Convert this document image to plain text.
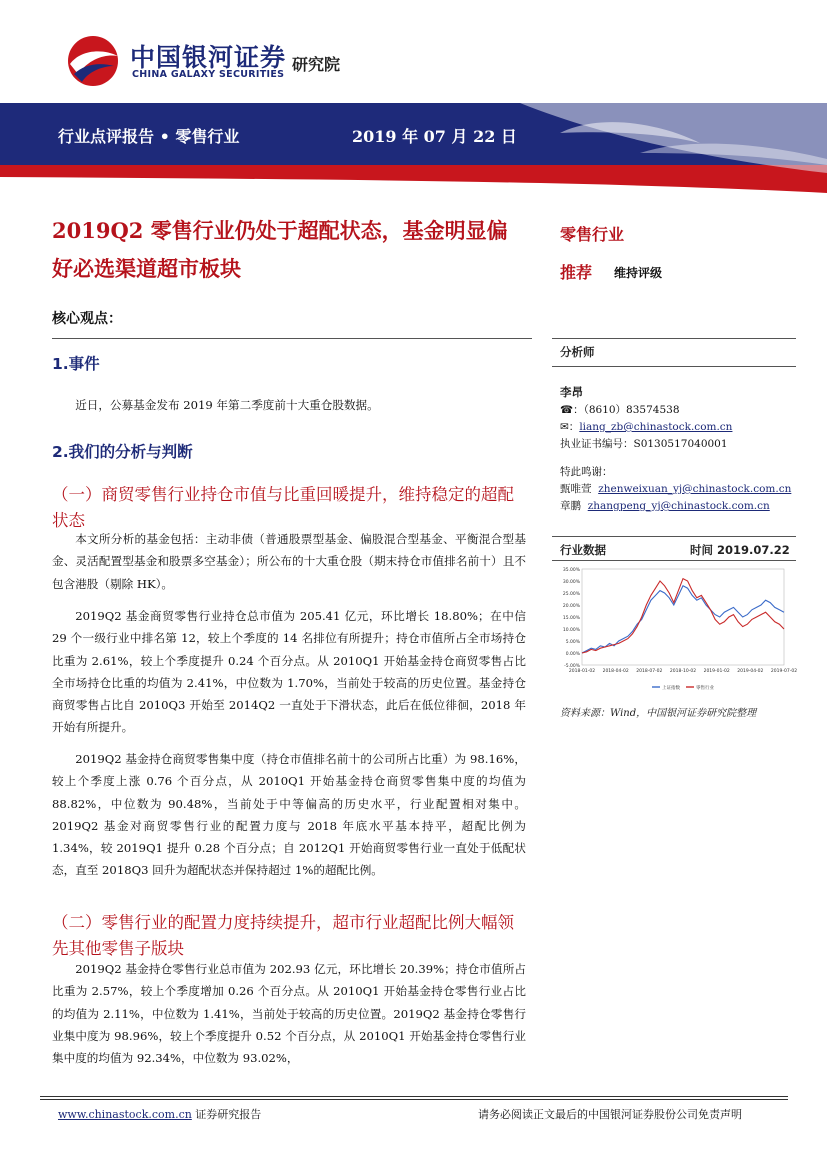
中国银河证券
CHINA GALAXY SECURITIES
研究院
行业点评报告 • 零售行业	2019 年 07 月 22 日
2019Q2 零售行业仍处于超配状态，基金明显偏好必选渠道超市板块
核心观点：
1.事件
近日，公募基金发布 2019 年第二季度前十大重仓股数据。
2.我们的分析与判断
（一）商贸零售行业持仓市值与比重回暖提升，维持稳定的超配状态
本文所分析的基金包括：主动非债（普通股票型基金、偏股混合型基金、平衡混合型基金、灵活配置型基金和股票多空基金）；所公布的十大重仓股（期末持仓市值排名前十）且不包含港股（剔除 HK）。
2019Q2 基金商贸零售行业持仓总市值为 205.41 亿元，环比增长 18.80%；在中信 29 个一级行业中排名第 12，较上个季度的 14 名排位有所提升；持仓市值所占全市场持仓比重为 2.61%，较上个季度提升 0.24 个百分点。从 2010Q1 开始基金持仓商贸零售占比全市场持仓比重的均值为 2.41%，中位数为 1.70%，当前处于较高的历史位置。基金持仓商贸零售占比自 2010Q3 开始至 2014Q2 一直处于下滑状态，此后在低位徘徊，2018 年开始有所提升。
2019Q2 基金持仓商贸零售集中度（持仓市值排名前十的公司所占比重）为 98.16%，较上个季度上涨 0.76 个百分点，从 2010Q1 开始基金持仓商贸零售集中度的均值为 88.82%，中位数为 90.48%，当前处于中等偏高的历史水平，行业配置相对集中。2019Q2 基金对商贸零售行业的配置力度与 2018 年底水平基本持平，超配比例为 1.34%，较 2019Q1 提升 0.28 个百分点；自 2012Q1 开始商贸零售行业一直处于低配状态，直至 2018Q3 回升为超配状态并保持超过 1%的超配比例。
（二）零售行业的配置力度持续提升，超市行业超配比例大幅领先其他零售子版块
2019Q2 基金持仓零售行业总市值为 202.93 亿元，环比增长 20.39%；持仓市值所占比重为 2.57%，较上个季度增加 0.26 个百分点。从 2010Q1 开始基金持仓零售行业占比的均值为 2.11%，中位数为 1.41%，当前处于较高的历史位置。2019Q2 基金持仓零售行业集中度为 98.96%，较上个季度提升 0.52 个百分点，从 2010Q1 开始基金持仓零售行业集中度的均值为 92.34%，中位数为 93.02%，
零售行业
推荐 维持评级
分析师
李昂
☎：（8610）83574538
✉：liang_zb@chinastock.com.cn
执业证书编号：S0130517040001
特此鸣谢：
甄唯萱 zhenweixuan_yj@chinastock.com.cn
章鹏 zhangpeng_yj@chinastock.com.cn
行业数据	时间 2019.07.22
35.00%
30.00%
25.00%
20.00%
15.00%
10.00%
5.00%
0.00%
-5.00%
2018-01-02 2018-04-02 2018-07-02 2018-10-02 2019-01-02 2019-04-02 2019-07-02
上证指数	零售行业
资料来源：Wind，中国银河证券研究院整理
www.chinastock.com.cn 证券研究报告	请务必阅读正文最后的中国银河证券股份公司免责声明
